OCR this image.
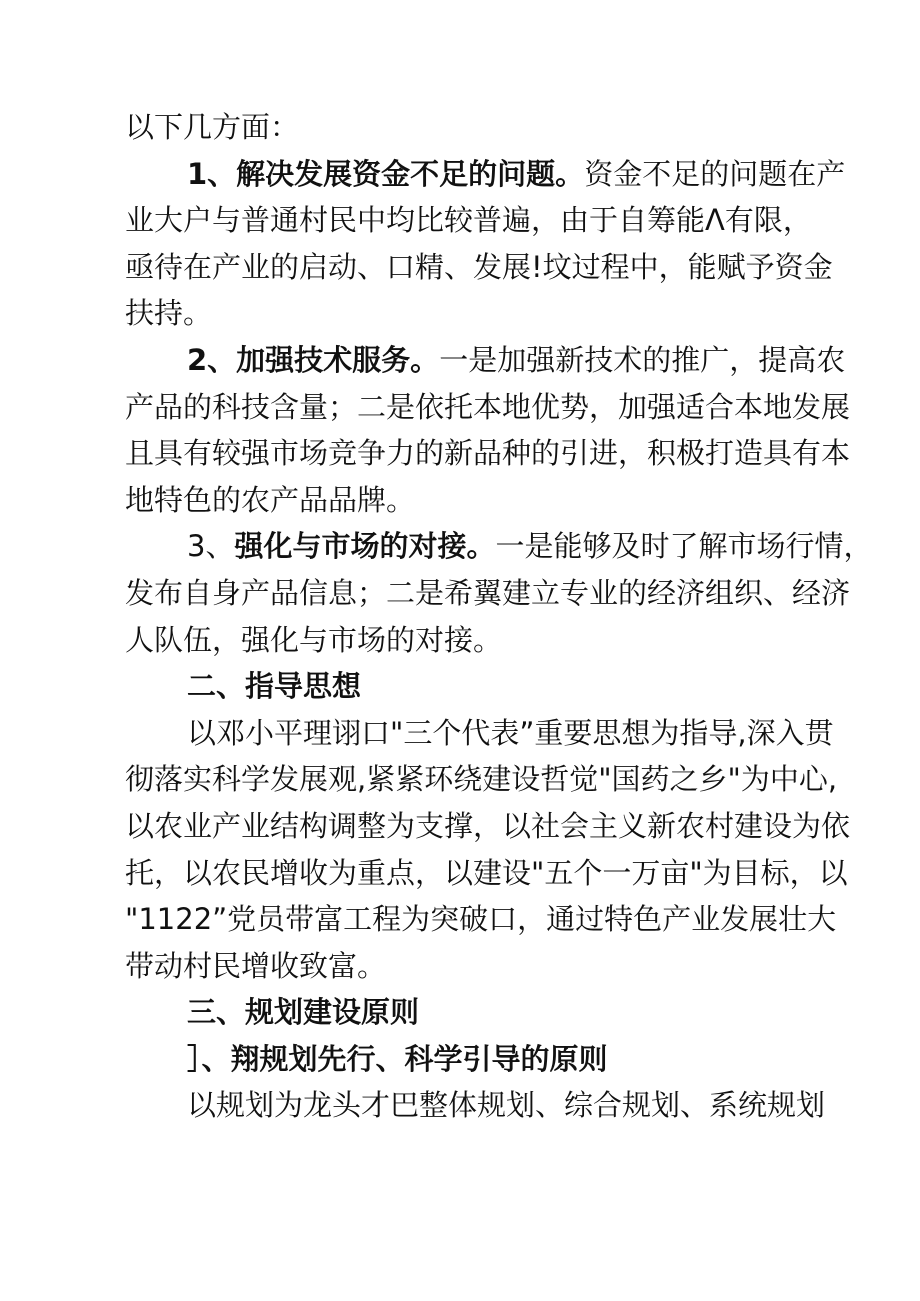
以下几方面：
1、解决发展资金不足的问题。资金不足的问题在产
业大户与普通村民中均比较普遍，由于自筹能Λ有限，
亟待在产业的启动、口精、发展!坟过程中，能赋予资金
扶持。
2、加强技术服务。一是加强新技术的推广，提高农
产品的科技含量；二是依托本地优势，加强适合本地发展
且具有较强市场竞争力的新品种的引进，积极打造具有本
地特色的农产品品牌。
3、强化与市场的对接。一是能够及时了解市场行情，
发布自身产品信息；二是希翼建立专业的经济组织、经济
人队伍，强化与市场的对接。
二、指导思想
以邓小平理诩口"三个代表”重要思想为指导,深入贯
彻落实科学发展观,紧紧环绕建设哲觉"国药之乡"为中心,
以农业产业结构调整为支撑，以社会主义新农村建设为依
托，以农民增收为重点，以建设"五个一万亩"为目标，以
"1122”党员带富工程为突破口，通过特色产业发展壮大
带动村民增收致富。
三、规划建设原则
］、翔规划先行、科学引导的原则
以规划为龙头才巴整体规划、综合规划、系统规划
